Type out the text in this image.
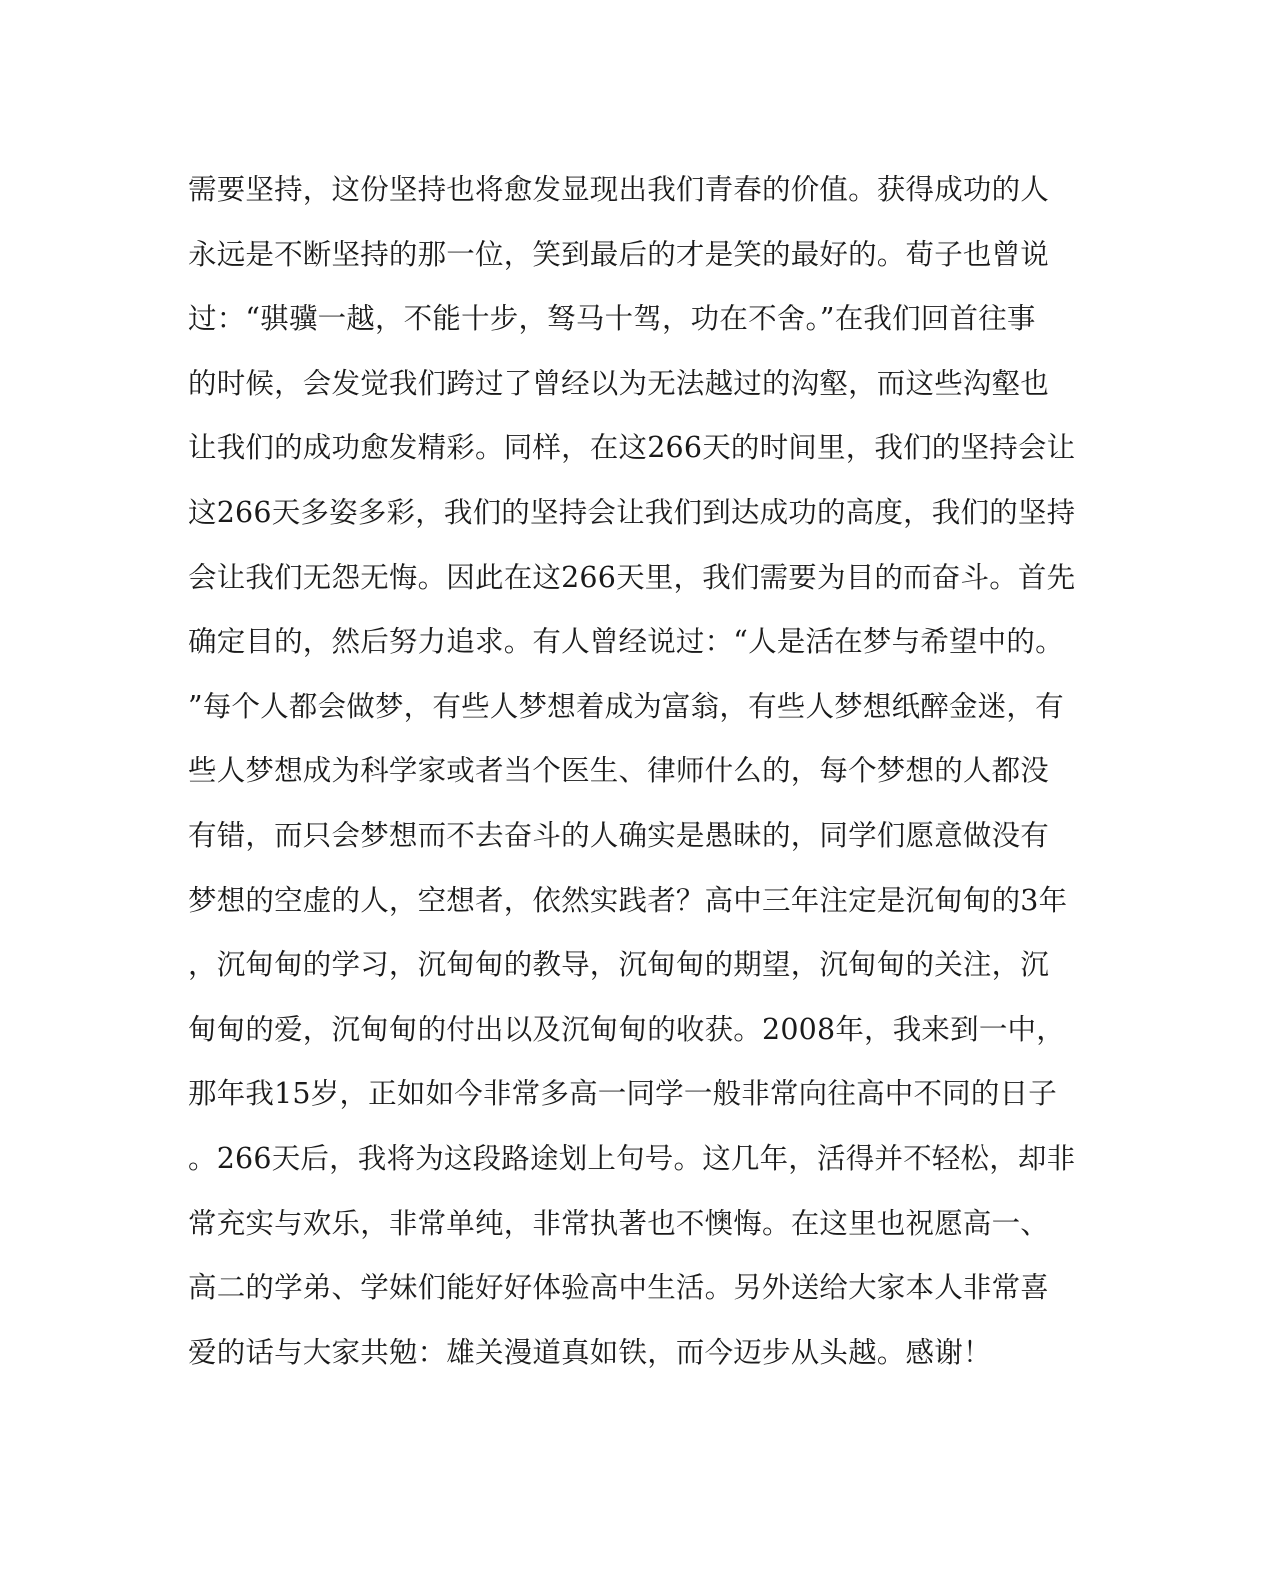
需要坚持，这份坚持也将愈发显现出我们青春的价值。获得成功的人
永远是不断坚持的那一位，笑到最后的才是笑的最好的。荀子也曾说
过：“骐骥一越，不能十步，驽马十驾，功在不舍。”在我们回首往事
的时候，会发觉我们跨过了曾经以为无法越过的沟壑，而这些沟壑也
让我们的成功愈发精彩。同样，在这266天的时间里，我们的坚持会让
这266天多姿多彩，我们的坚持会让我们到达成功的高度，我们的坚持
会让我们无怨无悔。因此在这266天里，我们需要为目的而奋斗。首先
确定目的，然后努力追求。有人曾经说过：“人是活在梦与希望中的。
”每个人都会做梦，有些人梦想着成为富翁，有些人梦想纸醉金迷，有
些人梦想成为科学家或者当个医生、律师什么的，每个梦想的人都没
有错，而只会梦想而不去奋斗的人确实是愚昧的，同学们愿意做没有
梦想的空虚的人，空想者，依然实践者？高中三年注定是沉甸甸的3年
，沉甸甸的学习，沉甸甸的教导，沉甸甸的期望，沉甸甸的关注，沉
甸甸的爱，沉甸甸的付出以及沉甸甸的收获。2008年，我来到一中，
那年我15岁，正如如今非常多高一同学一般非常向往高中不同的日子
。266天后，我将为这段路途划上句号。这几年，活得并不轻松，却非
常充实与欢乐，非常单纯，非常执著也不懊悔。在这里也祝愿高一、
高二的学弟、学妹们能好好体验高中生活。另外送给大家本人非常喜
爱的话与大家共勉：雄关漫道真如铁，而今迈步从头越。感谢！
